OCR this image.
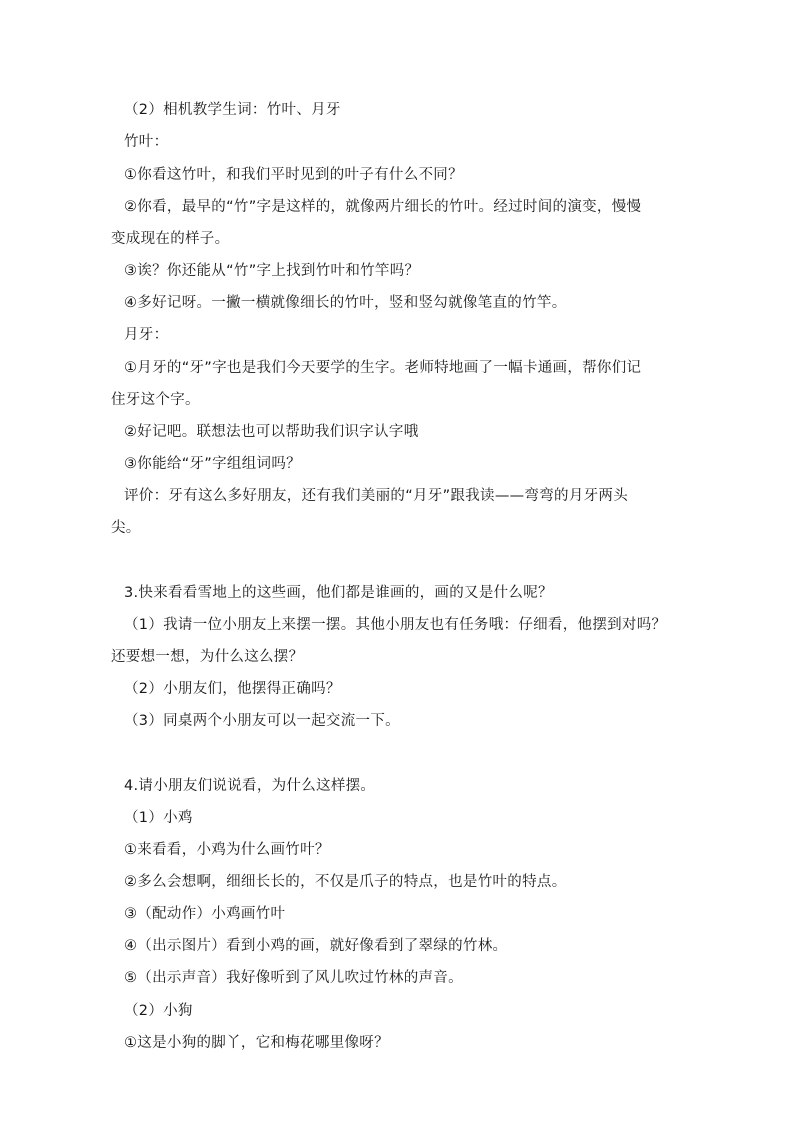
（2）相机教学生词：竹叶、月牙
竹叶：
①你看这竹叶，和我们平时见到的叶子有什么不同？
②你看，最早的“竹”字是这样的，就像两片细长的竹叶。经过时间的演变，慢慢
变成现在的样子。
③诶？你还能从“竹”字上找到竹叶和竹竿吗？
④多好记呀。一撇一横就像细长的竹叶，竖和竖勾就像笔直的竹竿。
月牙：
①月牙的“牙”字也是我们今天要学的生字。老师特地画了一幅卡通画，帮你们记
住牙这个字。
②好记吧。联想法也可以帮助我们识字认字哦
③你能给“牙”字组组词吗？
评价：牙有这么多好朋友，还有我们美丽的“月牙”跟我读——弯弯的月牙两头
尖。
3.快来看看雪地上的这些画，他们都是谁画的，画的又是什么呢？
（1）我请一位小朋友上来摆一摆。其他小朋友也有任务哦：仔细看，他摆到对吗？
还要想一想，为什么这么摆？
（2）小朋友们，他摆得正确吗？
（3）同桌两个小朋友可以一起交流一下。
4.请小朋友们说说看，为什么这样摆。
（1）小鸡
①来看看，小鸡为什么画竹叶？
②多么会想啊，细细长长的，不仅是爪子的特点，也是竹叶的特点。
③（配动作）小鸡画竹叶
④（出示图片）看到小鸡的画，就好像看到了翠绿的竹林。
⑤（出示声音）我好像听到了风儿吹过竹林的声音。
（2）小狗
①这是小狗的脚丫，它和梅花哪里像呀？
